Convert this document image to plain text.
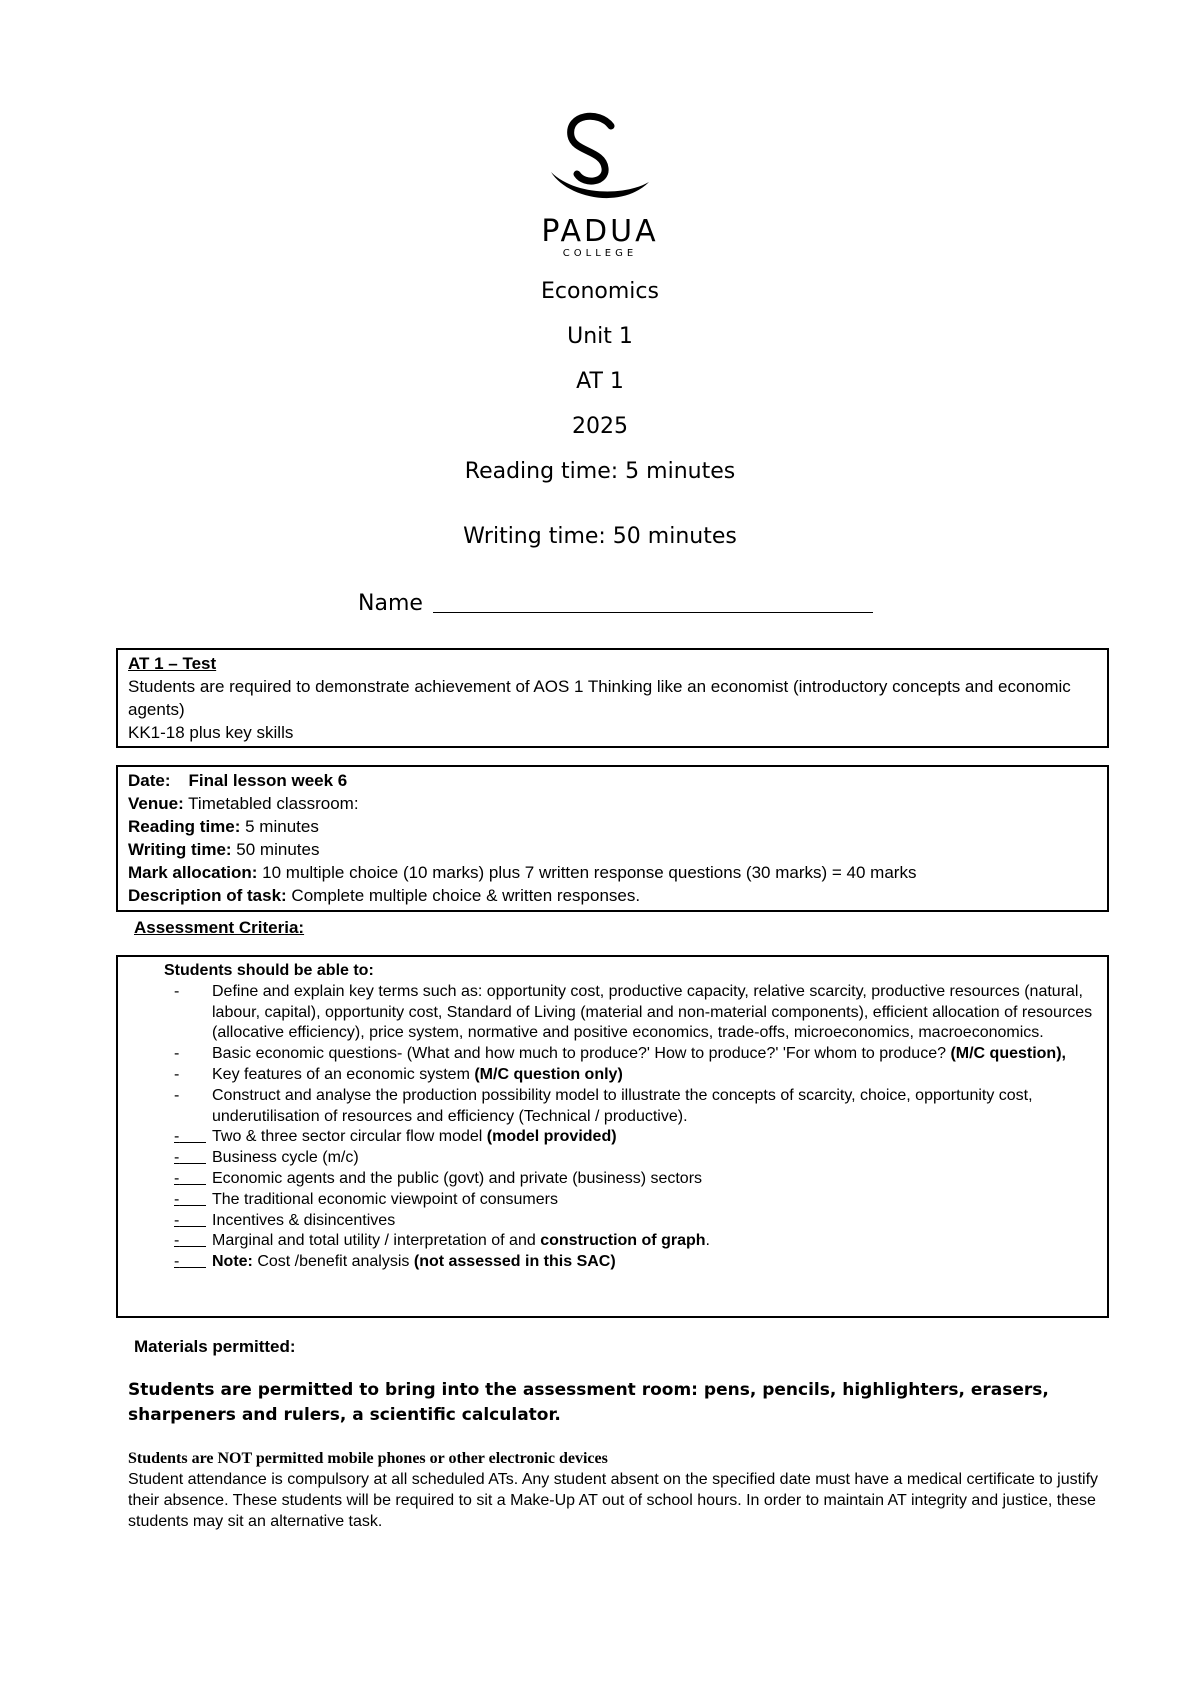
PADUA
COLLEGE
Economics
Unit 1
AT 1
2025
Reading time: 5 minutes
Writing time: 50 minutes
Name
AT 1 – Test
Students are required to demonstrate achievement of AOS 1 Thinking like an economist (introductory concepts and economic agents)
KK1-18 plus key skills
Date: Final lesson week 6
Venue: Timetabled classroom:
Reading time: 5 minutes
Writing time: 50 minutes
Mark allocation: 10 multiple choice (10 marks) plus 7 written response questions (30 marks) = 40 marks
Description of task: Complete multiple choice & written responses.
Assessment Criteria:
Students should be able to:
- Define and explain key terms such as: opportunity cost, productive capacity, relative scarcity, productive resources (natural, labour, capital), opportunity cost, Standard of Living (material and non-material components), efficient allocation of resources (allocative efficiency), price system, normative and positive economics, trade-offs, microeconomics, macroeconomics.
- Basic economic questions- (What and how much to produce?' How to produce?' 'For whom to produce? (M/C question),
- Key features of an economic system (M/C question only)
- Construct and analyse the production possibility model to illustrate the concepts of scarcity, choice, opportunity cost, underutilisation of resources and efficiency (Technical / productive).
-	Two & three sector circular flow model (model provided)
-	Business cycle (m/c)
-	Economic agents and the public (govt) and private (business) sectors
-	The traditional economic viewpoint of consumers
-	Incentives & disincentives
-	Marginal and total utility / interpretation of and construction of graph.
-	Note: Cost /benefit analysis (not assessed in this SAC)
Materials permitted:
Students are permitted to bring into the assessment room: pens, pencils, highlighters, erasers, sharpeners and rulers, a scientific calculator.
Students are NOT permitted mobile phones or other electronic devices
Student attendance is compulsory at all scheduled ATs. Any student absent on the specified date must have a medical certificate to justify their absence. These students will be required to sit a Make-Up AT out of school hours. In order to maintain AT integrity and justice, these students may sit an alternative task.
